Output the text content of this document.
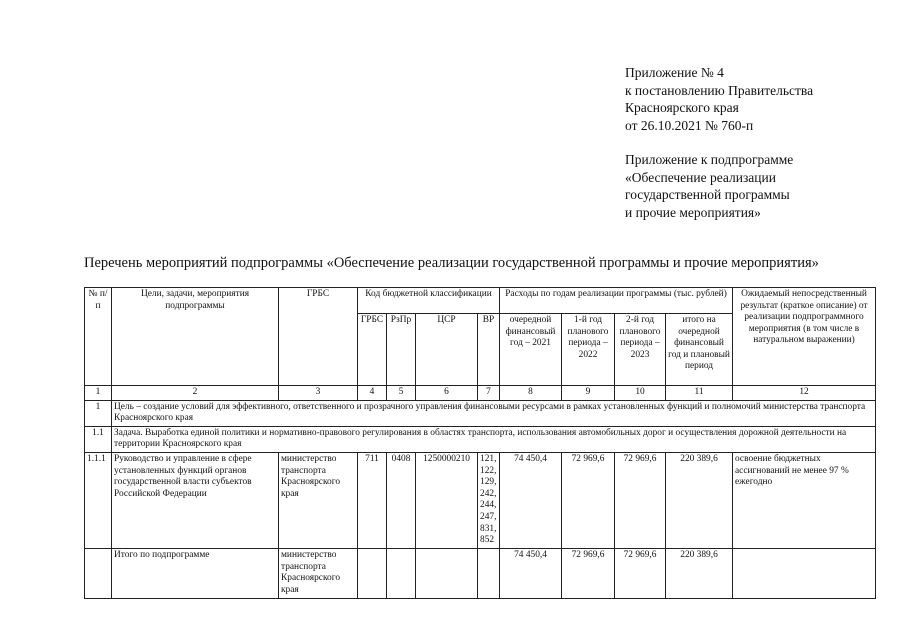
Приложение № 4
к постановлению Правительства
Красноярского края
от 26.10.2021 № 760-п
Приложение к подпрограмме
«Обеспечение реализации
государственной программы
и прочие мероприятия»
Перечень мероприятий подпрограммы «Обеспечение реализации государственной программы и прочие мероприятия»
№ п/п	Цели, задачи, мероприятия подпрограммы	ГРБС	Код бюджетной классификации				Расходы по годам реализации программы (тыс. рублей)				Ожидаемый непосредственный результат (краткое описание) от реализации подпрограммного мероприятия (в том числе в натуральном выражении)
			ГРБС	РзПр	ЦСР	ВР	очередной финансовый год – 2021	1-й год планового периода – 2022	2-й год планового периода – 2023	итого на очередной финансовый год и плановый период	
1	2	3	4	5	6	7	8	9	10	11	12
1	Цель – создание условий для эффективного, ответственного и прозрачного управления финансовыми ресурсами в рамках установленных функций и полномочий министерства транспорта Красноярского края										
1.1	Задача. Выработка единой политики и нормативно-правового регулирования в областях транспорта, использования автомобильных дорог и осуществления дорожной деятельности на территории Красноярского края										
1.1.1	Руководство и управление в сфере установленных функций органов государственной власти субъектов Российской Федерации	министерство транспорта Красноярского края	711	0408	1250000210	121, 122, 129, 242, 244, 247, 831, 852	74 450,4	72 969,6	72 969,6	220 389,6	освоение бюджетных ассигнований не менее 97 % ежегодно
	Итого по подпрограмме	министерство транспорта Красноярского края					74 450,4	72 969,6	72 969,6	220 389,6	
